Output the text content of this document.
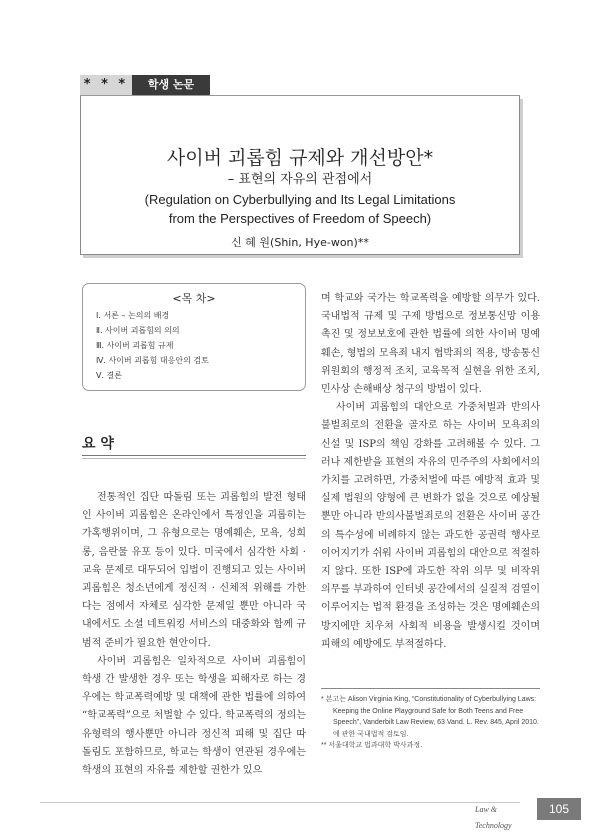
* * *	학생 논문
사이버 괴롭힘 규제와 개선방안*
– 표현의 자유의 관점에서
(Regulation on Cyberbullying and Its Legal Limitations
from the Perspectives of Freedom of Speech)
신 혜 원(Shin, Hye-won)**
<목 차>
Ⅰ. 서론 – 논의의 배경
Ⅱ. 사이버 괴롭힘의 의의
Ⅲ. 사이버 괴롭힘 규제
Ⅳ. 사이버 괴롭힘 대응안의 검토
Ⅴ. 결론
요 약

전통적인 집단 따돌림 또는 괴롭힘의 발전 형태인 사이버 괴롭힘은 온라인에서 특정인을 괴롭히는 가혹행위이며, 그 유형으로는 명예훼손, 모욕, 성희롱, 음란물 유포 등이 있다. 미국에서 심각한 사회 · 교육 문제로 대두되어 입법이 진행되고 있는 사이버 괴롭힘은 청소년에게 정신적 · 신체적 위해를 가한다는 점에서 자체로 심각한 문제일 뿐만 아니라 국내에서도 소셜 네트워킹 서비스의 대중화와 함께 규범적 준비가 필요한 현안이다.

사이버 괴롭힘은 일차적으로 사이버 괴롭힘이 학생 간 발생한 경우 또는 학생을 피해자로 하는 경우에는 학교폭력예방 및 대책에 관한 법률에 의하여 “학교폭력”으로 처벌할 수 있다. 학교폭력의 정의는 유형력의 행사뿐만 아니라 정신적 피해 및 집단 따돌림도 포함하므로, 학교는 학생이 연관된 경우에는 학생의 표현의 자유를 제한할 권한가 있으

며 학교와 국가는 학교폭력을 예방할 의무가 있다. 국내법적 규제 및 구제 방법으로 정보통신망 이용촉진 및 정보보호에 관한 법률에 의한 사이버 명예훼손, 형법의 모욕죄 내지 협박죄의 적용, 방송통신위원회의 행정적 조치, 교육목적 실현을 위한 조치, 민사상 손해배상 청구의 방법이 있다.

사이버 괴롭힘의 대안으로 가중처벌과 반의사불벌죄로의 전환을 골자로 하는 사이버 모욕죄의 신설 및 ISP의 책임 강화를 고려해볼 수 있다. 그러나 제한받을 표현의 자유의 민주주의 사회에서의 가치를 고려하면, 가중처벌에 따른 예방적 효과 및 실제 법원의 양형에 큰 변화가 없을 것으로 예상될 뿐만 아니라 반의사불벌죄로의 전환은 사이버 공간의 특수성에 비례하지 않는 과도한 공권력 행사로 이어지기가 쉬워 사이버 괴롭힘의 대안으로 적절하지 않다. 또한 ISP에 과도한 작위 의무 및 비작위 의무를 부과하여 인터넷 공간에서의 실질적 검열이 이루어지는 법적 환경을 조성하는 것은 명예훼손의 방지에만 치우쳐 사회적 비용을 발생시킬 것이며 피해의 예방에도 부적절하다.

* 본고는 Alison Virginia King, “Constitutionality of Cyberbullying Laws: Keeping the Online Playground Safe for Both Teens and Free Speech”, Vanderbilt Law Review, 63 Vand. L. Rev. 845, April 2010.에 관한 국내법적 검토임.

** 서울대학교 법과대학 박사과정.

Law & Technology
105
